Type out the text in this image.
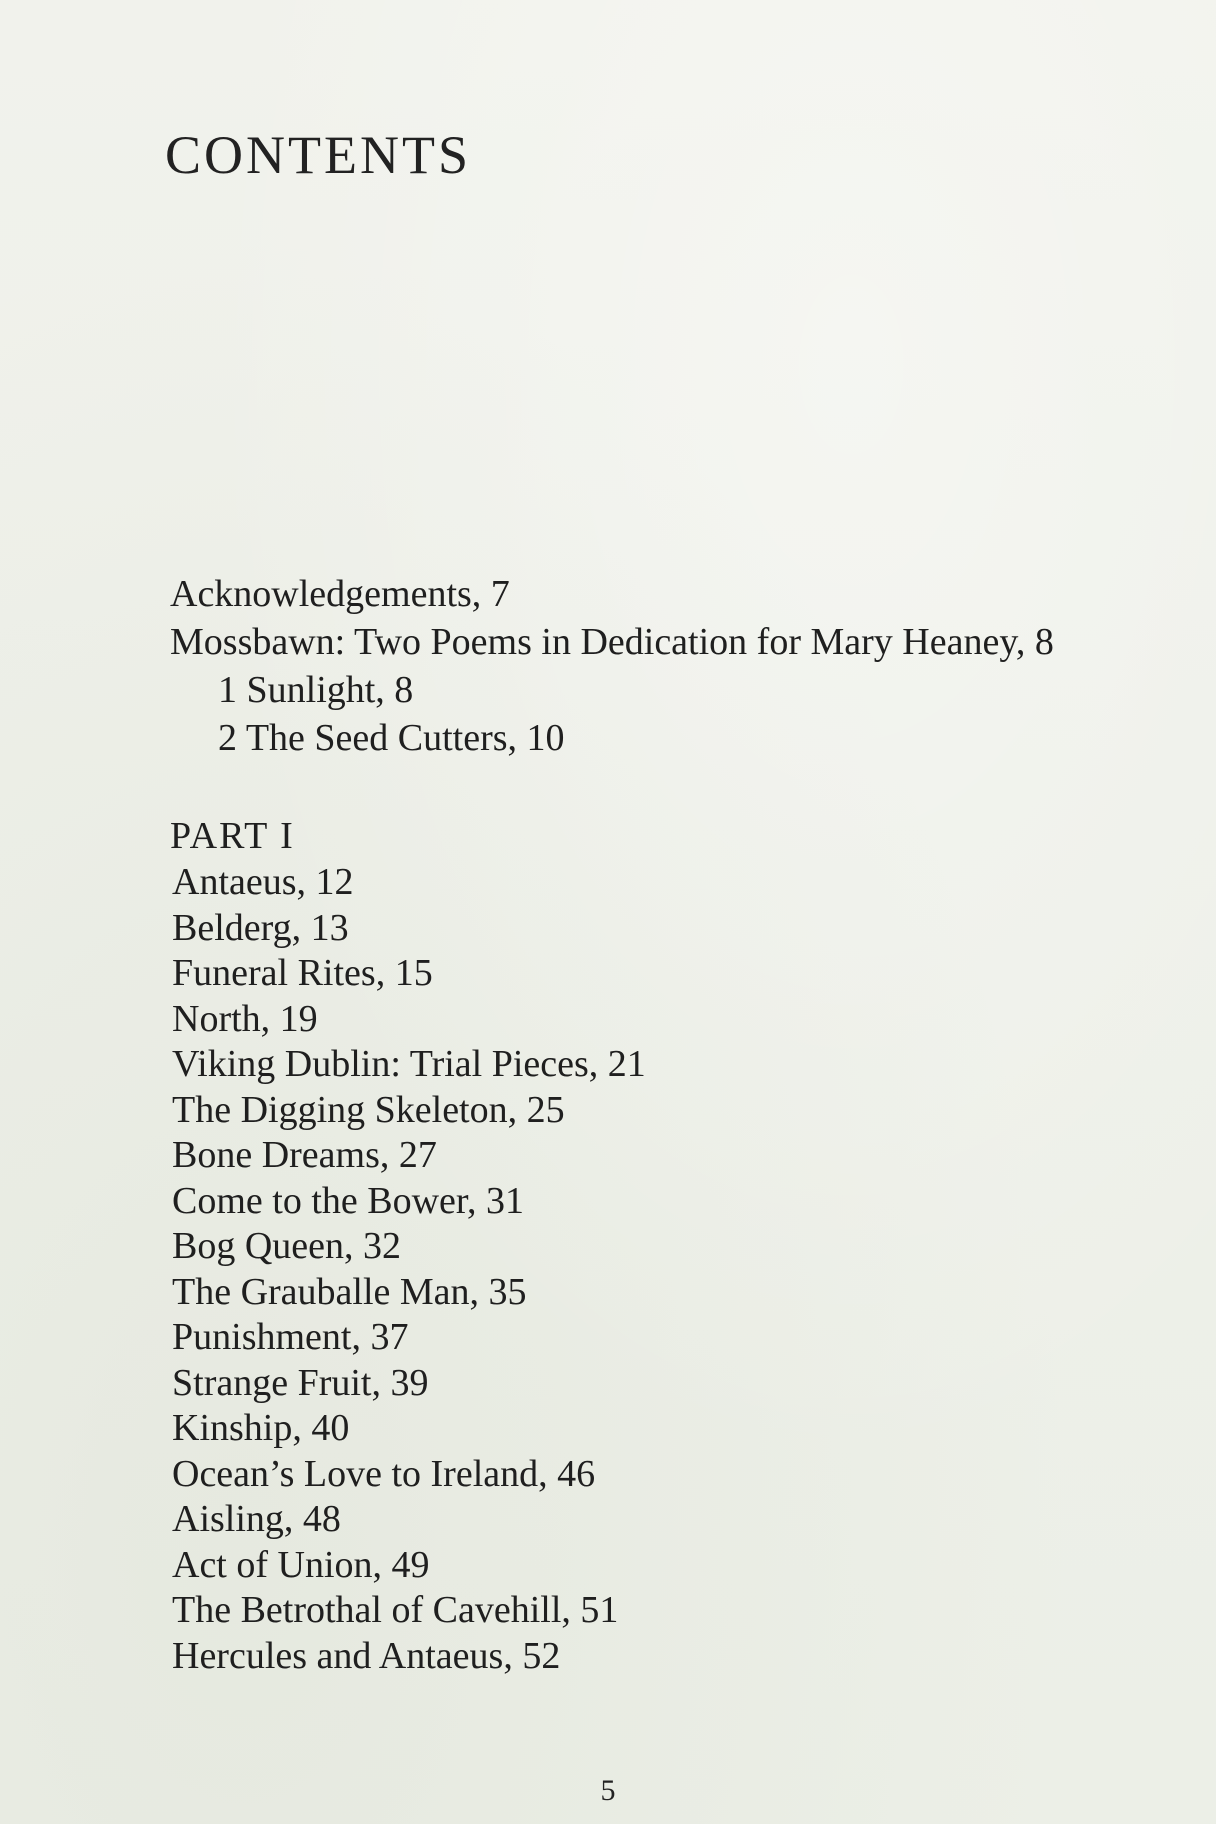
CONTENTS
Acknowledgements, 7
Mossbawn: Two Poems in Dedication for Mary Heaney, 8
1 Sunlight, 8
2 The Seed Cutters, 10
PART I
Antaeus, 12
Belderg, 13
Funeral Rites, 15
North, 19
Viking Dublin: Trial Pieces, 21
The Digging Skeleton, 25
Bone Dreams, 27
Come to the Bower, 31
Bog Queen, 32
The Grauballe Man, 35
Punishment, 37
Strange Fruit, 39
Kinship, 40
Ocean’s Love to Ireland, 46
Aisling, 48
Act of Union, 49
The Betrothal of Cavehill, 51
Hercules and Antaeus, 52
5
